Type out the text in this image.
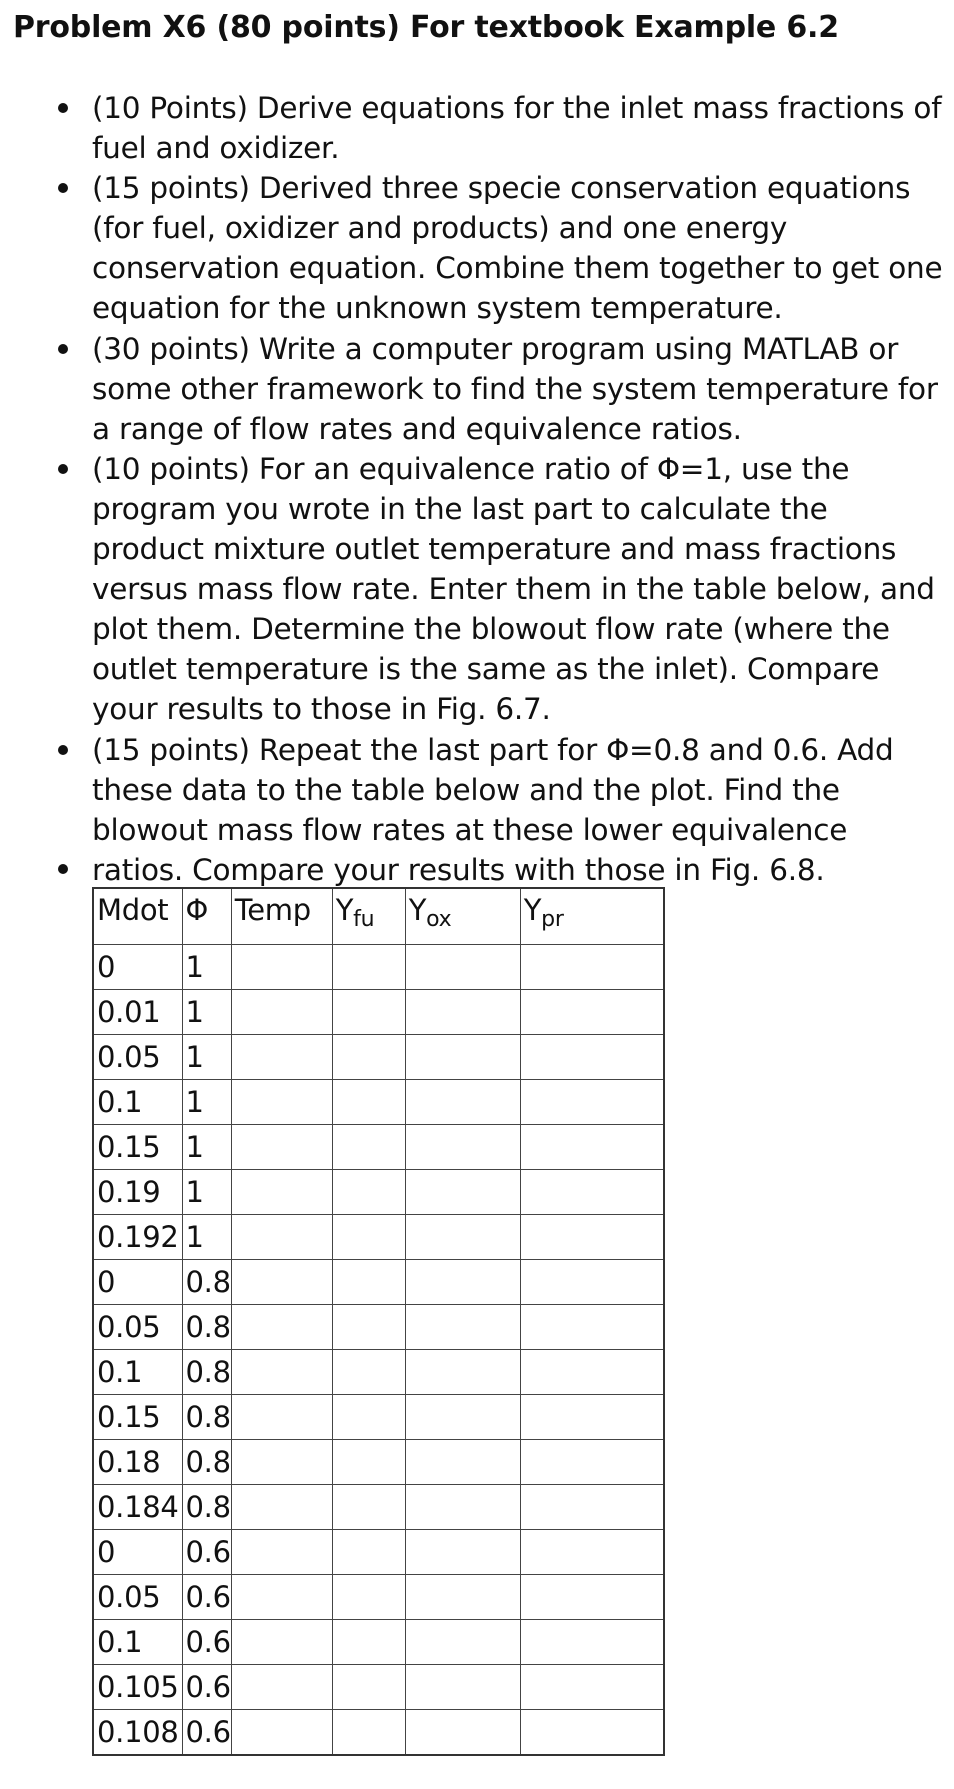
Problem X6 (80 points) For textbook Example 6.2
(10 Points) Derive equations for the inlet mass fractions of fuel and oxidizer.
(15 points) Derived three specie conservation equations (for fuel, oxidizer and products) and one energy conservation equation. Combine them together to get one equation for the unknown system temperature.
(30 points) Write a computer program using MATLAB or some other framework to find the system temperature for a range of flow rates and equivalence ratios.
(10 points) For an equivalence ratio of Φ=1, use the program you wrote in the last part to calculate the product mixture outlet temperature and mass fractions versus mass flow rate. Enter them in the table below, and plot them. Determine the blowout flow rate (where the outlet temperature is the same as the inlet). Compare your results to those in Fig. 6.7.
(15 points) Repeat the last part for Φ=0.8 and 0.6. Add these data to the table below and the plot. Find the blowout mass flow rates at these lower equivalence ratios. Compare your results with those in Fig. 6.8.
Mdot	Φ	Temp	$Y_{fu}$	$Y_{ox}$	$Y_{pr}$
0	1				
0.01	1				
0.05	1				
0.1	1				
0.15	1				
0.19	1				
0.192	1				
0	0.8				
0.05	0.8				
0.1	0.8				
0.15	0.8				
0.18	0.8				
0.184	0.8				
0	0.6				
0.05	0.6				
0.1	0.6				
0.105	0.6				
0.108	0.6				
